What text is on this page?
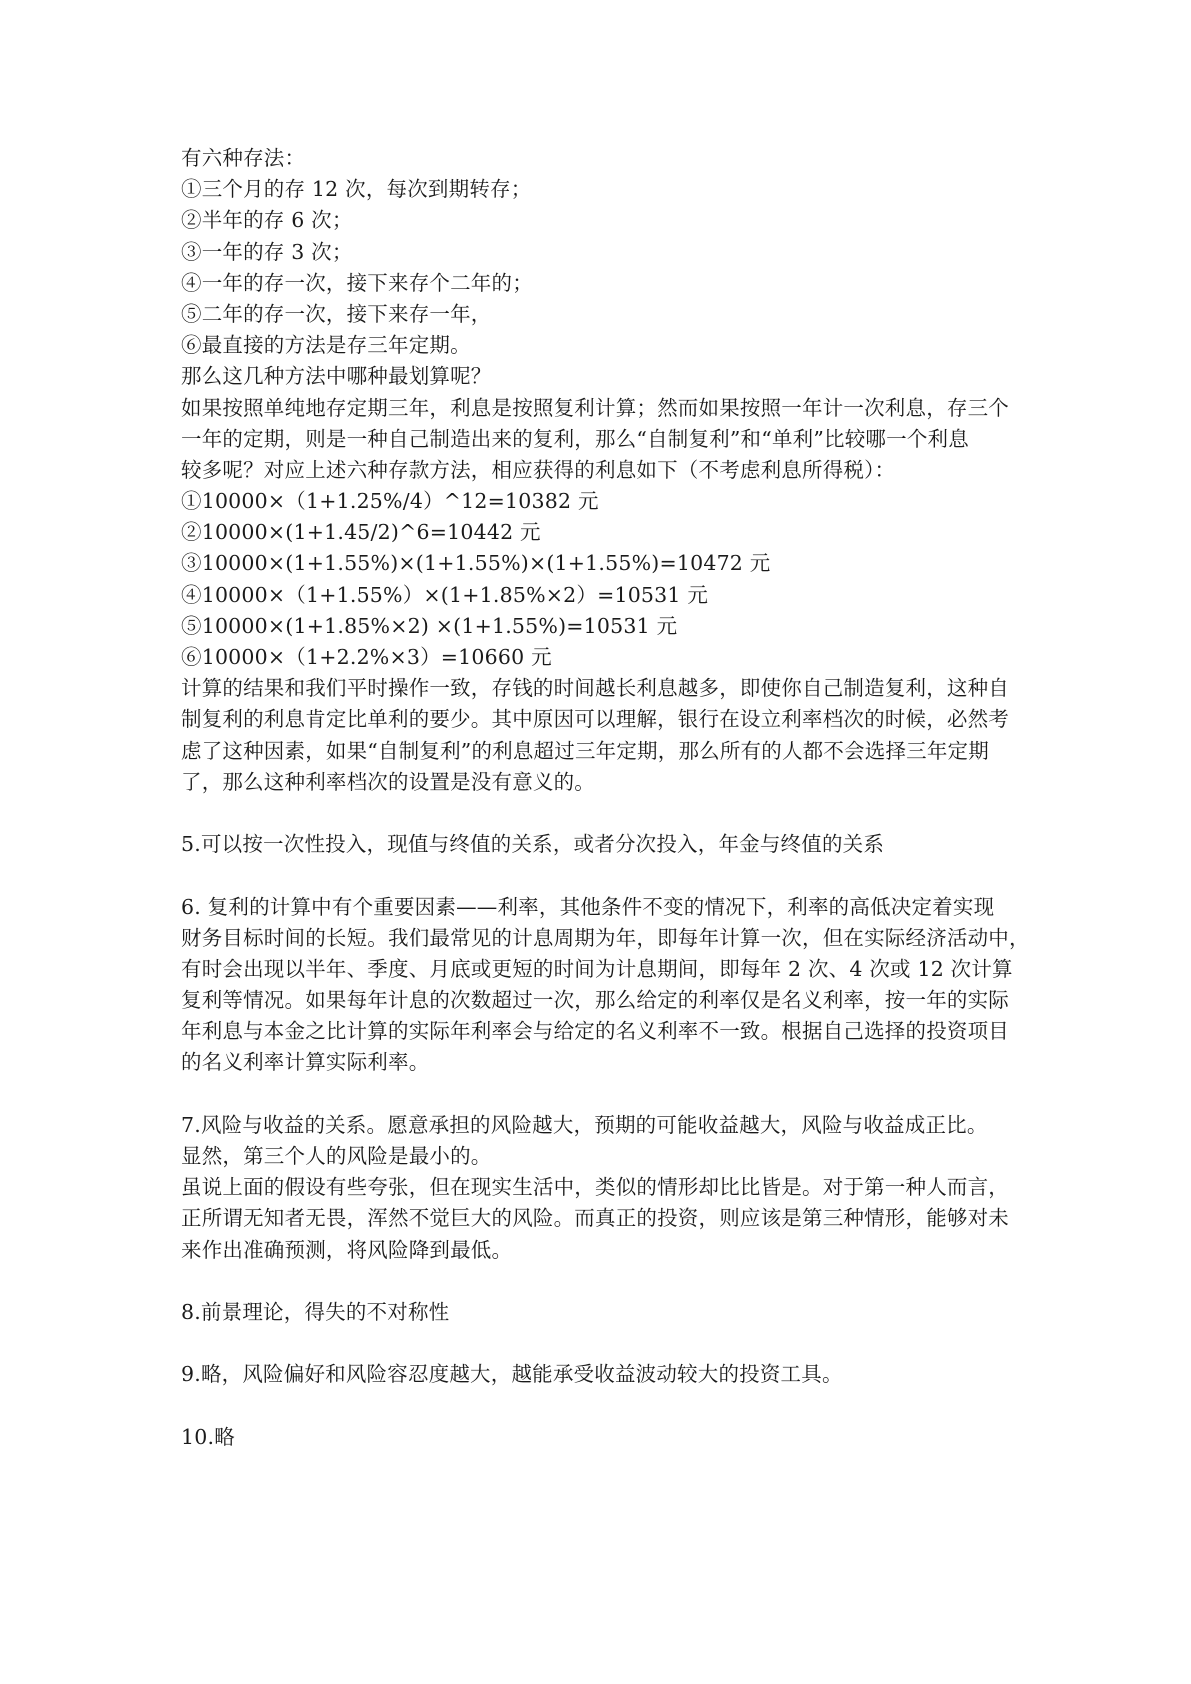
有六种存法：
①三个月的存 12 次，每次到期转存；
②半年的存 6 次；
③一年的存 3 次；
④一年的存一次，接下来存个二年的；
⑤二年的存一次，接下来存一年，
⑥最直接的方法是存三年定期。
那么这几种方法中哪种最划算呢？
如果按照单纯地存定期三年，利息是按照复利计算；然而如果按照一年计一次利息，存三个
一年的定期，则是一种自己制造出来的复利，那么“自制复利”和“单利”比较哪一个利息
较多呢？对应上述六种存款方法，相应获得的利息如下（不考虑利息所得税）：
①10000×（1+1.25%/4）^12=10382 元
②10000×(1+1.45/2)^6=10442 元
③10000×(1+1.55%)×(1+1.55%)×(1+1.55%)=10472 元
④10000×（1+1.55%）×(1+1.85%×2）=10531 元
⑤10000×(1+1.85%×2) ×(1+1.55%)=10531 元
⑥10000×（1+2.2%×3）=10660 元
计算的结果和我们平时操作一致，存钱的时间越长利息越多，即使你自己制造复利，这种自
制复利的利息肯定比单利的要少。其中原因可以理解，银行在设立利率档次的时候，必然考
虑了这种因素，如果“自制复利”的利息超过三年定期，那么所有的人都不会选择三年定期
了，那么这种利率档次的设置是没有意义的。
5.可以按一次性投入，现值与终值的关系，或者分次投入，年金与终值的关系
6. 复利的计算中有个重要因素——利率，其他条件不变的情况下，利率的高低决定着实现
财务目标时间的长短。我们最常见的计息周期为年，即每年计算一次，但在实际经济活动中，
有时会出现以半年、季度、月底或更短的时间为计息期间，即每年 2 次、4 次或 12 次计算
复利等情况。如果每年计息的次数超过一次，那么给定的利率仅是名义利率，按一年的实际
年利息与本金之比计算的实际年利率会与给定的名义利率不一致。根据自己选择的投资项目
的名义利率计算实际利率。
7.风险与收益的关系。愿意承担的风险越大，预期的可能收益越大，风险与收益成正比。
显然，第三个人的风险是最小的。
虽说上面的假设有些夸张，但在现实生活中，类似的情形却比比皆是。对于第一种人而言，
正所谓无知者无畏，浑然不觉巨大的风险。而真正的投资，则应该是第三种情形，能够对未
来作出准确预测，将风险降到最低。
8.前景理论，得失的不对称性
9.略，风险偏好和风险容忍度越大，越能承受收益波动较大的投资工具。
10.略
